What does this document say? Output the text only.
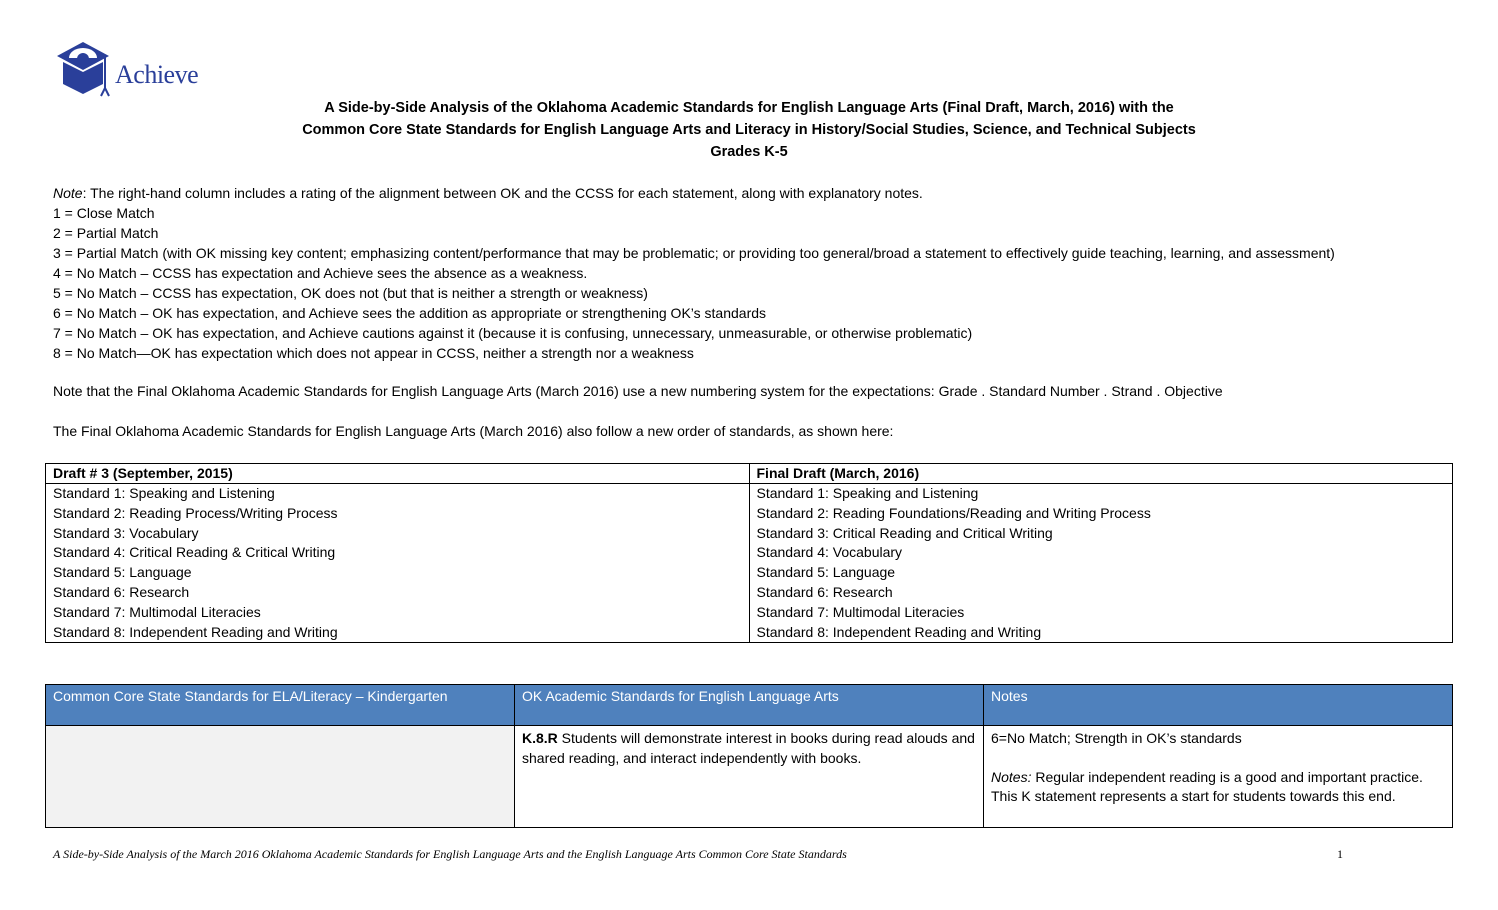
Achieve
A Side-by-Side Analysis of the Oklahoma Academic Standards for English Language Arts (Final Draft, March, 2016) with the
Common Core State Standards for English Language Arts and Literacy in History/Social Studies, Science, and Technical Subjects
Grades K-5
Note: The right-hand column includes a rating of the alignment between OK and the CCSS for each statement, along with explanatory notes.
1 = Close Match
2 = Partial Match
3 = Partial Match (with OK missing key content; emphasizing content/performance that may be problematic; or providing too general/broad a statement to effectively guide teaching, learning, and assessment)
4 = No Match – CCSS has expectation and Achieve sees the absence as a weakness.
5 = No Match – CCSS has expectation, OK does not (but that is neither a strength or weakness)
6 = No Match – OK has expectation, and Achieve sees the addition as appropriate or strengthening OK’s standards
7 = No Match – OK has expectation, and Achieve cautions against it (because it is confusing, unnecessary, unmeasurable, or otherwise problematic)
8 = No Match—OK has expectation which does not appear in CCSS, neither a strength nor a weakness
Note that the Final Oklahoma Academic Standards for English Language Arts (March 2016) use a new numbering system for the expectations: Grade . Standard Number . Strand . Objective
The Final Oklahoma Academic Standards for English Language Arts (March 2016) also follow a new order of standards, as shown here:
Draft # 3 (September, 2015)	Final Draft (March, 2016)
Standard 1: Speaking and Listening	Standard 1: Speaking and Listening
Standard 2: Reading Process/Writing Process	Standard 2: Reading Foundations/Reading and Writing Process
Standard 3: Vocabulary	Standard 3: Critical Reading and Critical Writing
Standard 4: Critical Reading & Critical Writing	Standard 4: Vocabulary
Standard 5: Language	Standard 5: Language
Standard 6: Research	Standard 6: Research
Standard 7: Multimodal Literacies	Standard 7: Multimodal Literacies
Standard 8: Independent Reading and Writing	Standard 8: Independent Reading and Writing
Common Core State Standards for ELA/Literacy – Kindergarten	OK Academic Standards for English Language Arts	Notes
	K.8.R Students will demonstrate interest in books during read alouds and shared reading, and interact independently with books.	6=No Match; Strength in OK’s standards
Notes: Regular independent reading is a good and important practice. This K statement represents a start for students towards this end.
A Side-by-Side Analysis of the March 2016 Oklahoma Academic Standards for English Language Arts and the English Language Arts Common Core State Standards	1
